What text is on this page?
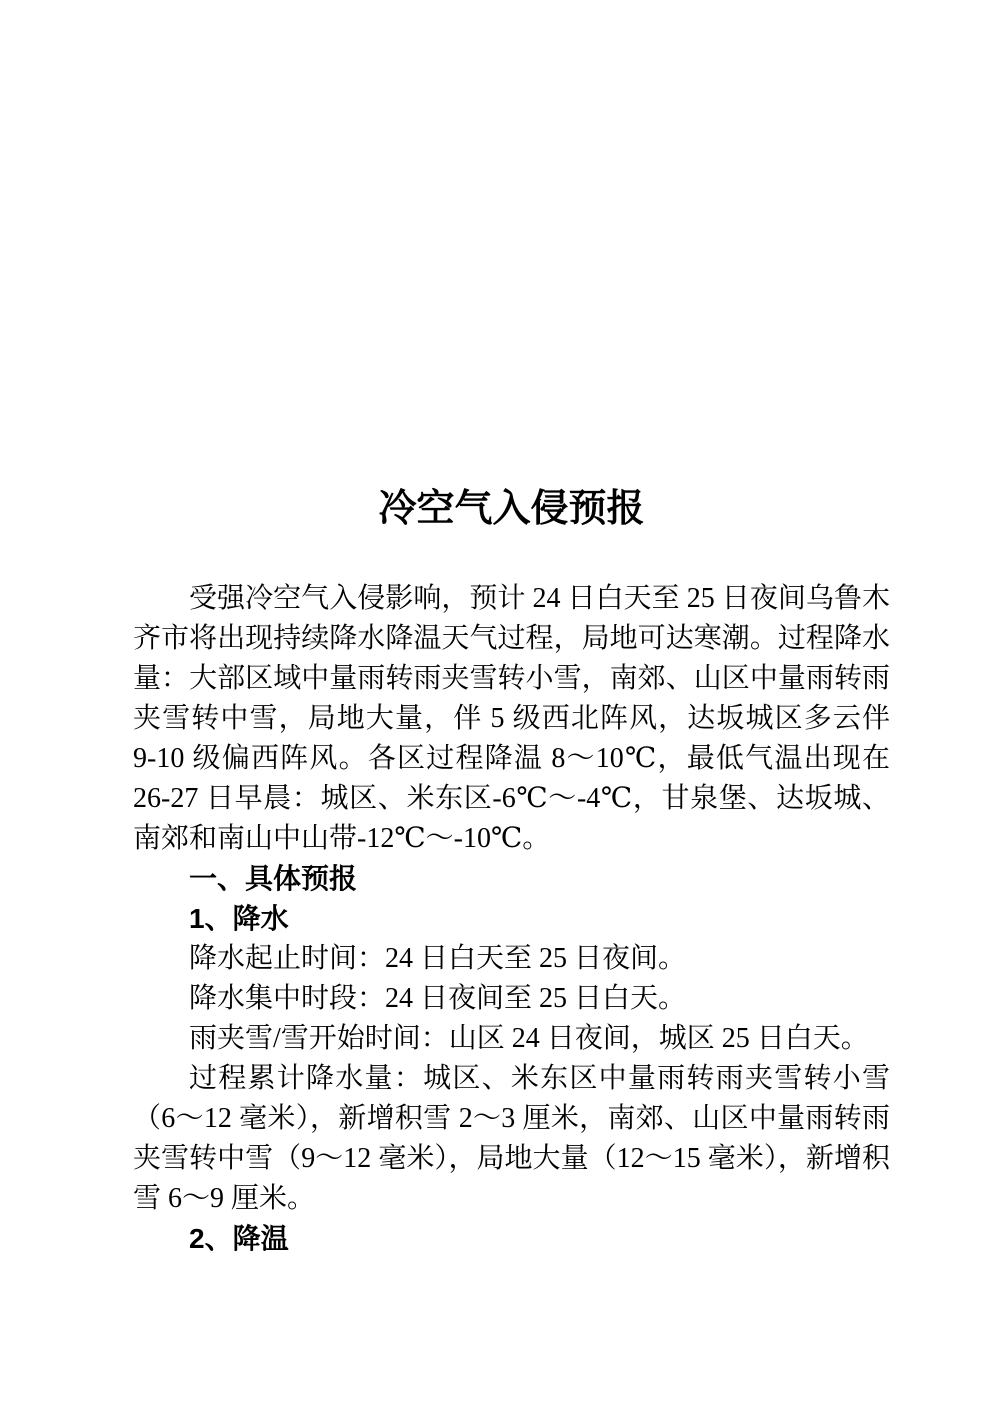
冷空气入侵预报

受强冷空气入侵影响，预计 24 日白天至 25 日夜间乌鲁木齐市将出现持续降水降温天气过程，局地可达寒潮。过程降水量：大部区域中量雨转雨夹雪转小雪，南郊、山区中量雨转雨夹雪转中雪，局地大量，伴 5 级西北阵风，达坂城区多云伴 9-10 级偏西阵风。各区过程降温 8～10℃，最低气温出现在 26-27 日早晨：城区、米东区-6℃～-4℃，甘泉堡、达坂城、南郊和南山中山带-12℃～-10℃。

一、具体预报

1、降水

降水起止时间：24 日白天至 25 日夜间。

降水集中时段：24 日夜间至 25 日白天。

雨夹雪/雪开始时间：山区 24 日夜间，城区 25 日白天。

过程累计降水量：城区、米东区中量雨转雨夹雪转小雪（6～12 毫米），新增积雪 2～3 厘米，南郊、山区中量雨转雨夹雪转中雪（9～12 毫米），局地大量（12～15 毫米），新增积雪 6～9 厘米。

2、降温
